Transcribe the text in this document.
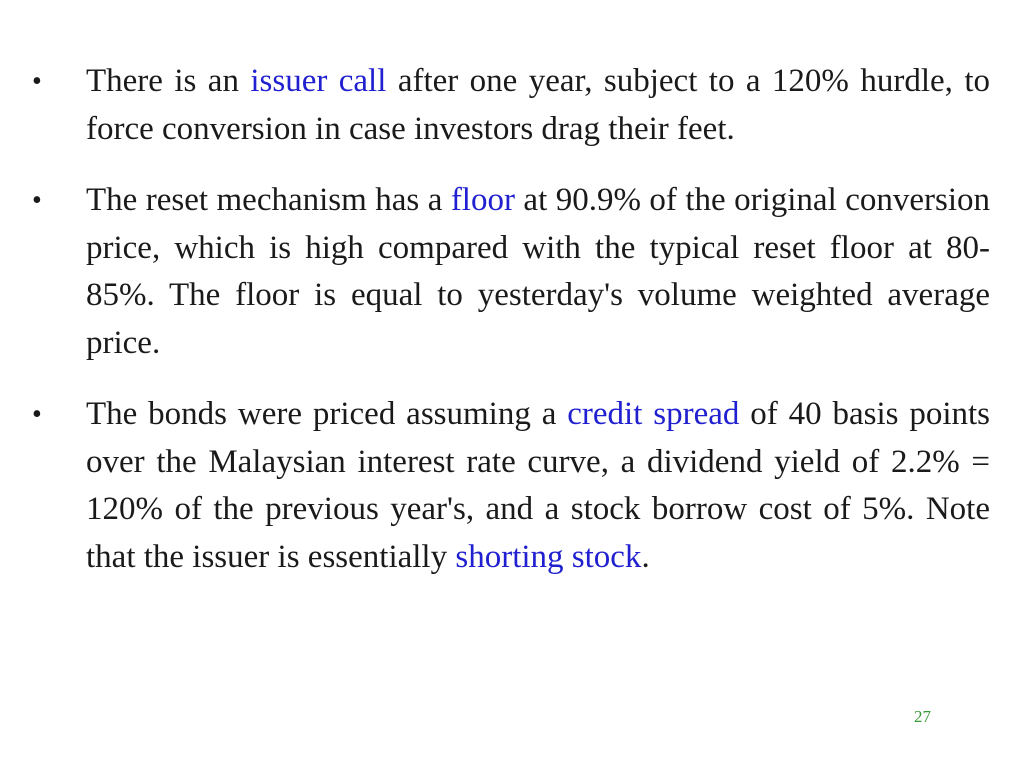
• There is an issuer call after one year, subject to a 120% hurdle, to force conversion in case investors drag their feet.
• The reset mechanism has a floor at 90.9% of the original conversion price, which is high compared with the typical reset floor at 80-85%. The floor is equal to yesterday's volume weighted average price.
• The bonds were priced assuming a credit spread of 40 basis points over the Malaysian interest rate curve, a dividend yield of 2.2% = 120% of the previous year's, and a stock borrow cost of 5%. Note that the issuer is essentially shorting stock.
27
